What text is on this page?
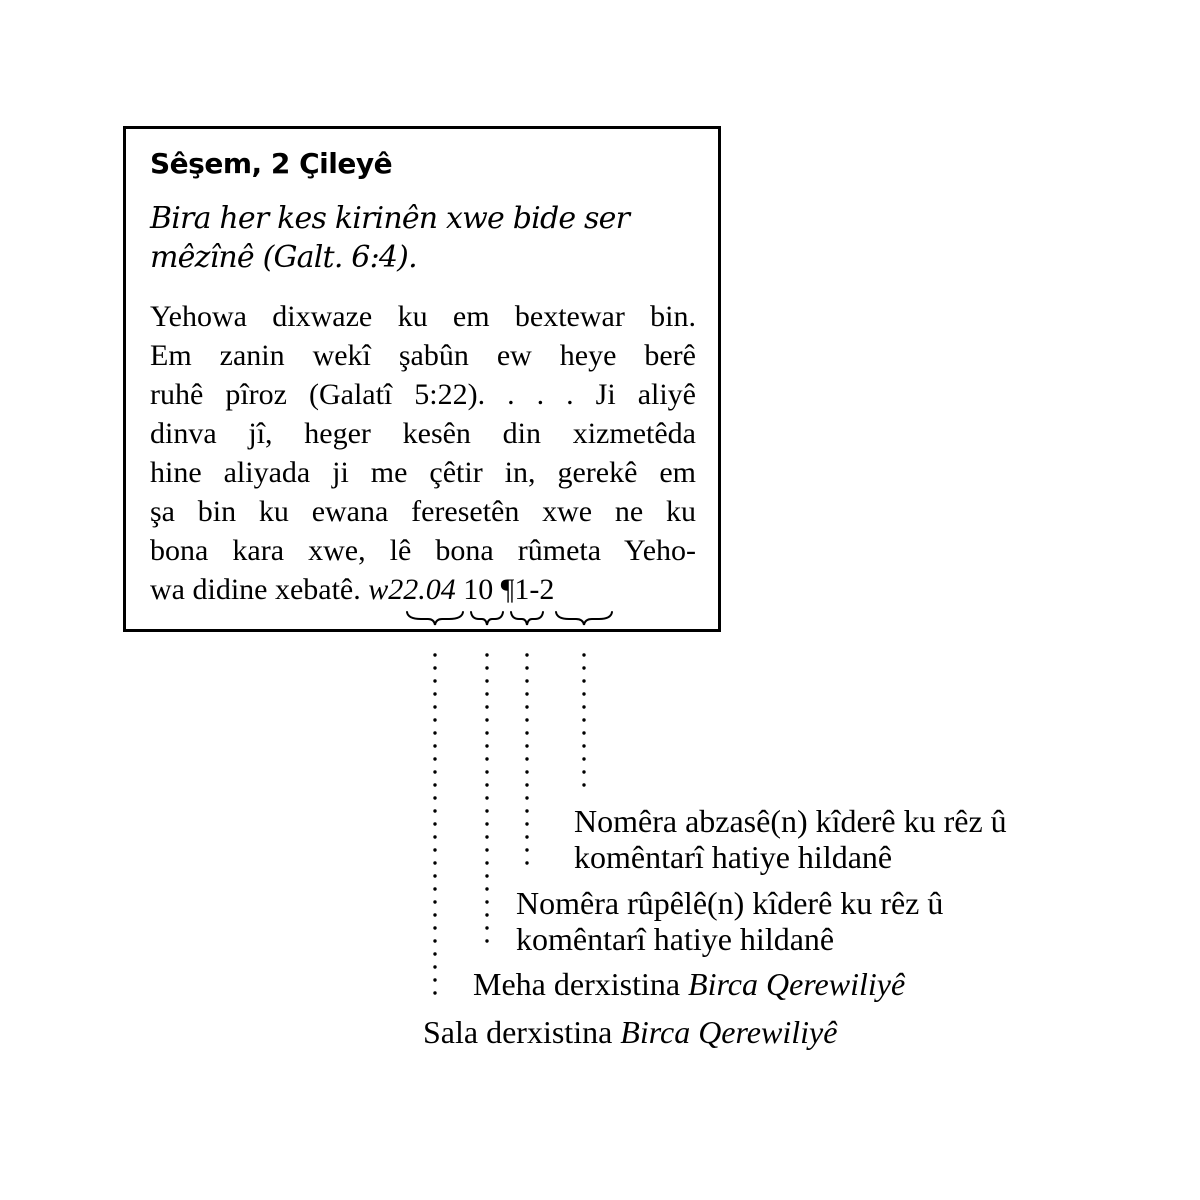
Sêşem, 2 Çileyê
Bira her kes kirinên xwe bide ser
mêzînê (Galt. 6:4).
Yehowa dixwaze ku em bextewar bin.
Em zanin wekî şabûn ew heye berê
ruhê pîroz (Galatî 5:22). . . . Ji aliyê
dinva jî, heger kesên din xizmetêda
hine aliyada ji me çêtir in, gerekê em
şa bin ku ewana feresetên xwe ne ku
bona kara xwe, lê bona rûmeta Yeho-
wa didine xebatê. w22.04 10 ¶1-2
Nomêra abzasê(n) kîderê ku rêz û
komêntarî hatiye hildanê
Nomêra rûpêlê(n) kîderê ku rêz û
komêntarî hatiye hildanê
Meha derxistina Birca Qerewiliyê
Sala derxistina Birca Qerewiliyê
